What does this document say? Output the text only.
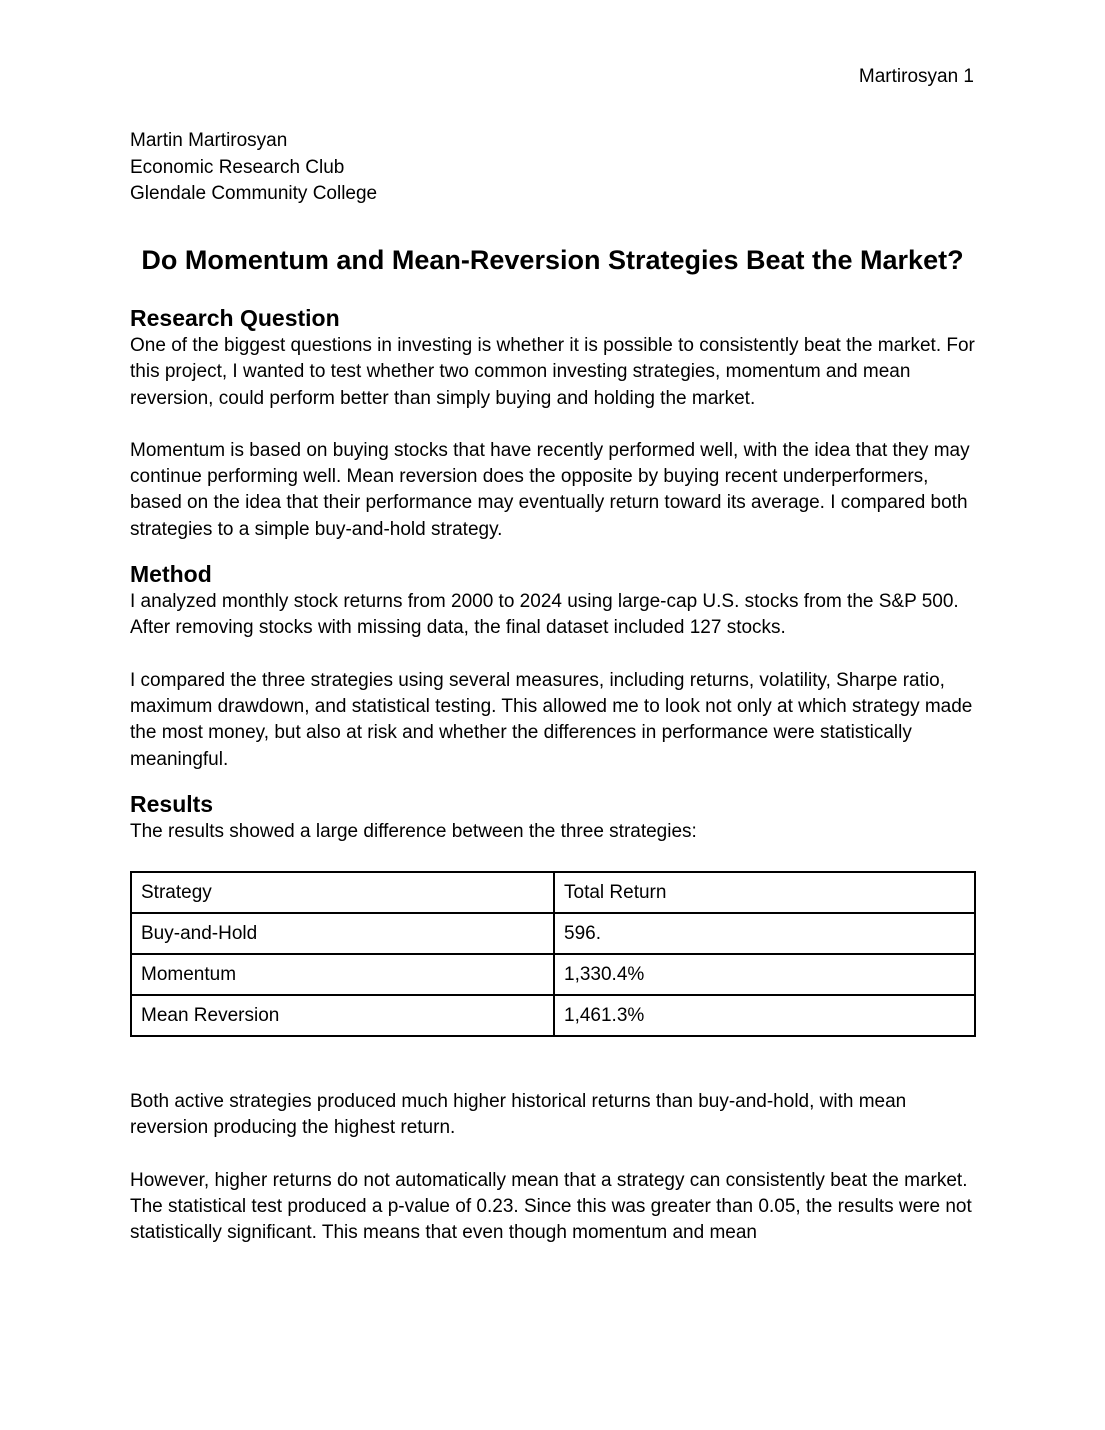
Martirosyan 1
Martin Martirosyan
Economic Research Club
Glendale Community College
Do Momentum and Mean-Reversion Strategies Beat the Market?
Research Question

One of the biggest questions in investing is whether it is possible to consistently beat the market. For this project, I wanted to test whether two common investing strategies, momentum and mean reversion, could perform better than simply buying and holding the market.

Momentum is based on buying stocks that have recently performed well, with the idea that they may continue performing well. Mean reversion does the opposite by buying recent underperformers, based on the idea that their performance may eventually return toward its average. I compared both strategies to a simple buy-and-hold strategy.

Method

I analyzed monthly stock returns from 2000 to 2024 using large-cap U.S. stocks from the S&P 500. After removing stocks with missing data, the final dataset included 127 stocks.

I compared the three strategies using several measures, including returns, volatility, Sharpe ratio, maximum drawdown, and statistical testing. This allowed me to look not only at which strategy made the most money, but also at risk and whether the differences in performance were statistically meaningful.

Results

The results showed a large difference between the three strategies:

Strategy	Total Return
Buy-and-Hold	596.
Momentum	1,330.4%
Mean Reversion	1,461.3%

Both active strategies produced much higher historical returns than buy-and-hold, with mean reversion producing the highest return.

However, higher returns do not automatically mean that a strategy can consistently beat the market. The statistical test produced a p-value of 0.23. Since this was greater than 0.05, the results were not statistically significant. This means that even though momentum and mean
